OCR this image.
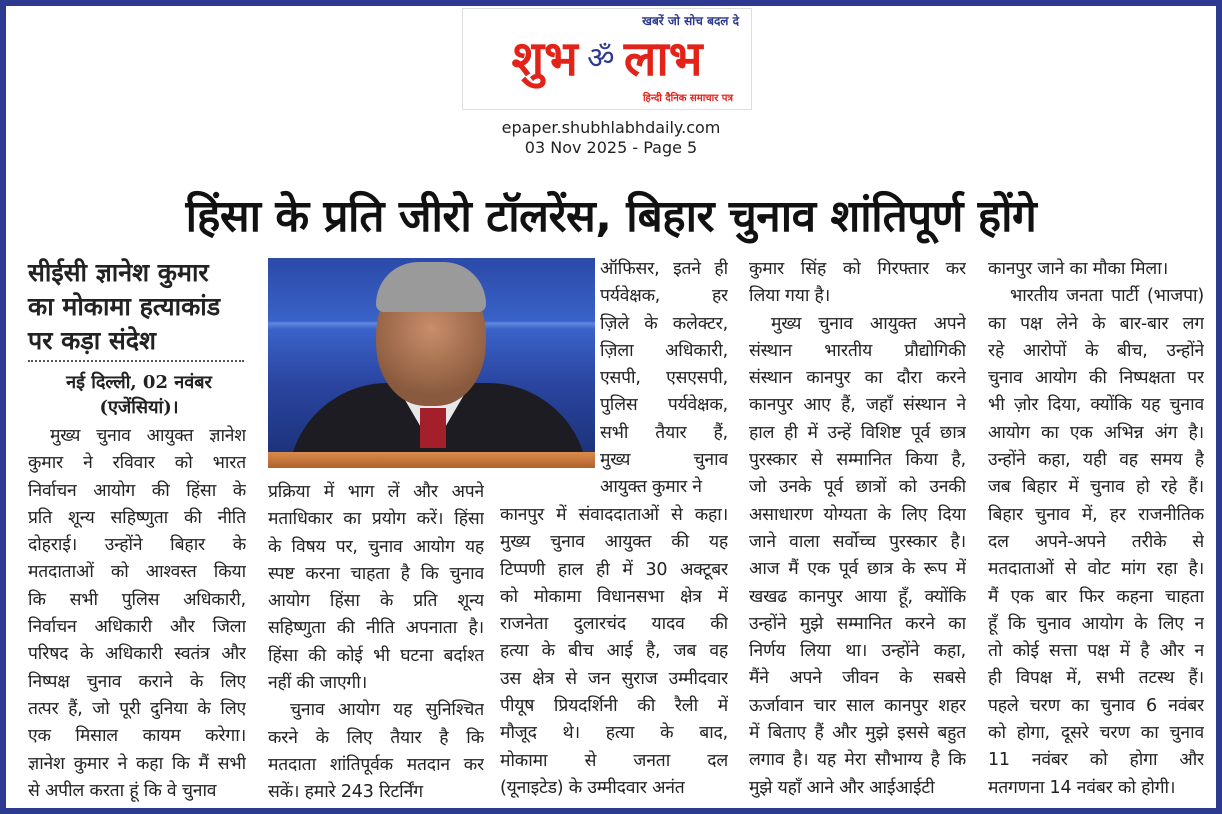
खबरें जो सोच बदल दे
शुभ ॐ लाभ
हिन्दी दैनिक समाचार पत्र
epaper.shubhlabhdaily.com
03 Nov 2025 - Page 5
हिंसा के प्रति जीरो टॉलरेंस, बिहार चुनाव शांतिपूर्ण होंगे
सीईसी ज्ञानेश कुमार
का मोकामा हत्याकांड
पर कड़ा संदेश
नई दिल्ली, 02 नवंबर
(एजेंसियां)।
मुख्य चुनाव आयुक्त ज्ञानेश
कुमार ने रविवार को भारत
निर्वाचन आयोग की हिंसा के
प्रति शून्य सहिष्णुता की नीति
दोहराई। उन्होंने बिहार के
मतदाताओं को आश्वस्त किया
कि सभी पुलिस अधिकारी,
निर्वाचन अधिकारी और जिला
परिषद के अधिकारी स्वतंत्र और
निष्पक्ष चुनाव कराने के लिए
तत्पर हैं, जो पूरी दुनिया के लिए
एक मिसाल कायम करेगा।
ज्ञानेश कुमार ने कहा कि मैं सभी
से अपील करता हूं कि वे चुनाव
प्रक्रिया में भाग लें और अपने
मताधिकार का प्रयोग करें। हिंसा
के विषय पर, चुनाव आयोग यह
स्पष्ट करना चाहता है कि चुनाव
आयोग हिंसा के प्रति शून्य
सहिष्णुता की नीति अपनाता है।
हिंसा की कोई भी घटना बर्दाश्त
नहीं की जाएगी।
चुनाव आयोग यह सुनिश्चित
करने के लिए तैयार है कि
मतदाता शांतिपूर्वक मतदान कर
सकें। हमारे 243 रिटर्निंग
ऑफिसर, इतने ही
पर्यवेक्षक, हर
ज़िले के कलेक्टर,
ज़िला अधिकारी,
एसपी, एसएसपी,
पुलिस पर्यवेक्षक,
सभी तैयार हैं,
मुख्य चुनाव
आयुक्त कुमार ने
कानपुर में संवाददाताओं से कहा।
मुख्य चुनाव आयुक्त की यह
टिप्पणी हाल ही में 30 अक्टूबर
को मोकामा विधानसभा क्षेत्र में
राजनेता दुलारचंद यादव की
हत्या के बीच आई है, जब वह
उस क्षेत्र से जन सुराज उम्मीदवार
पीयूष प्रियदर्शिनी की रैली में
मौजूद थे। हत्या के बाद,
मोकामा से जनता दल
(यूनाइटेड) के उम्मीदवार अनंत
कुमार सिंह को गिरफ्तार कर
लिया गया है।
मुख्य चुनाव आयुक्त अपने
संस्थान भारतीय प्रौद्योगिकी
संस्थान कानपुर का दौरा करने
कानपुर आए हैं, जहाँ संस्थान ने
हाल ही में उन्हें विशिष्ट पूर्व छात्र
पुरस्कार से सम्मानित किया है,
जो उनके पूर्व छात्रों को उनकी
असाधारण योग्यता के लिए दिया
जाने वाला सर्वोच्च पुरस्कार है।
आज मैं एक पूर्व छात्र के रूप में
खखढ कानपुर आया हूँ, क्योंकि
उन्होंने मुझे सम्मानित करने का
निर्णय लिया था। उन्होंने कहा,
मैंने अपने जीवन के सबसे
ऊर्जावान चार साल कानपुर शहर
में बिताए हैं और मुझे इससे बहुत
लगाव है। यह मेरा सौभाग्य है कि
मुझे यहाँ आने और आईआईटी
कानपुर जाने का मौका मिला।
भारतीय जनता पार्टी (भाजपा)
का पक्ष लेने के बार-बार लग
रहे आरोपों के बीच, उन्होंने
चुनाव आयोग की निष्पक्षता पर
भी ज़ोर दिया, क्योंकि यह चुनाव
आयोग का एक अभिन्न अंग है।
उन्होंने कहा, यही वह समय है
जब बिहार में चुनाव हो रहे हैं।
बिहार चुनाव में, हर राजनीतिक
दल अपने-अपने तरीके से
मतदाताओं से वोट मांग रहा है।
मैं एक बार फिर कहना चाहता
हूँ कि चुनाव आयोग के लिए न
तो कोई सत्ता पक्ष में है और न
ही विपक्ष में, सभी तटस्थ हैं।
पहले चरण का चुनाव 6 नवंबर
को होगा, दूसरे चरण का चुनाव
11 नवंबर को होगा और
मतगणना 14 नवंबर को होगी।
